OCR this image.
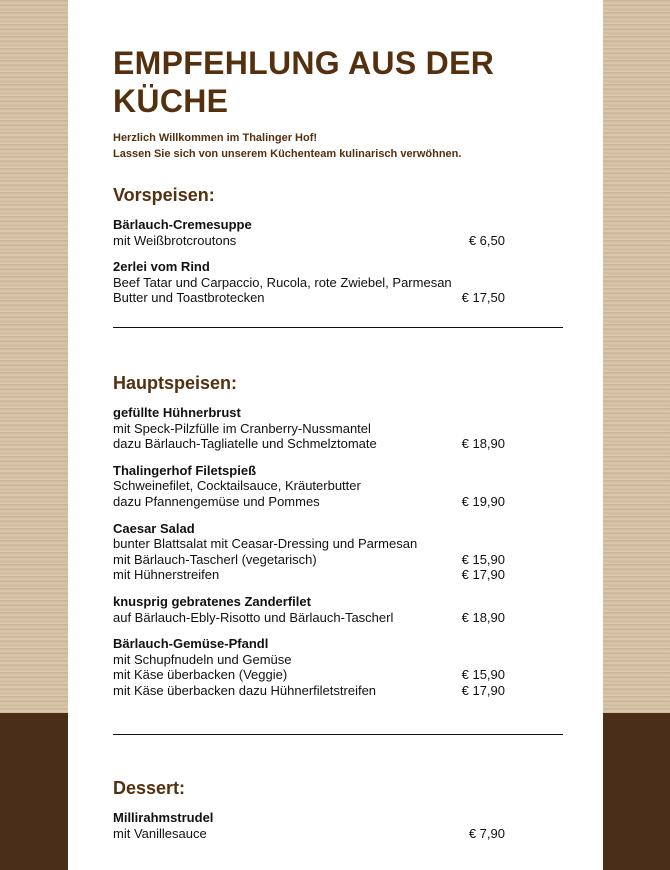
EMPFEHLUNG AUS DER
KÜCHE
Herzlich Willkommen im Thalinger Hof!
Lassen Sie sich von unserem Küchenteam kulinarisch verwöhnen.
Vorspeisen:
Bärlauch-Cremesuppe
mit Weißbrotcroutons	€ 6,50
2erlei vom Rind
Beef Tatar und Carpaccio, Rucola, rote Zwiebel, Parmesan
Butter und Toastbrotecken	€ 17,50
Hauptspeisen:
gefüllte Hühnerbrust
mit Speck-Pilzfülle im Cranberry-Nussmantel
dazu Bärlauch-Tagliatelle und Schmelztomate	€ 18,90
Thalingerhof Filetspieß
Schweinefilet, Cocktailsauce, Kräuterbutter
dazu Pfannengemüse und Pommes	€ 19,90
Caesar Salad
bunter Blattsalat mit Ceasar-Dressing und Parmesan
mit Bärlauch-Tascherl (vegetarisch)	€ 15,90
mit Hühnerstreifen	€ 17,90
knusprig gebratenes Zanderfilet
auf Bärlauch-Ebly-Risotto und Bärlauch-Tascherl	€ 18,90
Bärlauch-Gemüse-Pfandl
mit Schupfnudeln und Gemüse
mit Käse überbacken (Veggie)	€ 15,90
mit Käse überbacken dazu Hühnerfiletstreifen	€ 17,90
Dessert:
Millirahmstrudel
mit Vanillesauce	€ 7,90
